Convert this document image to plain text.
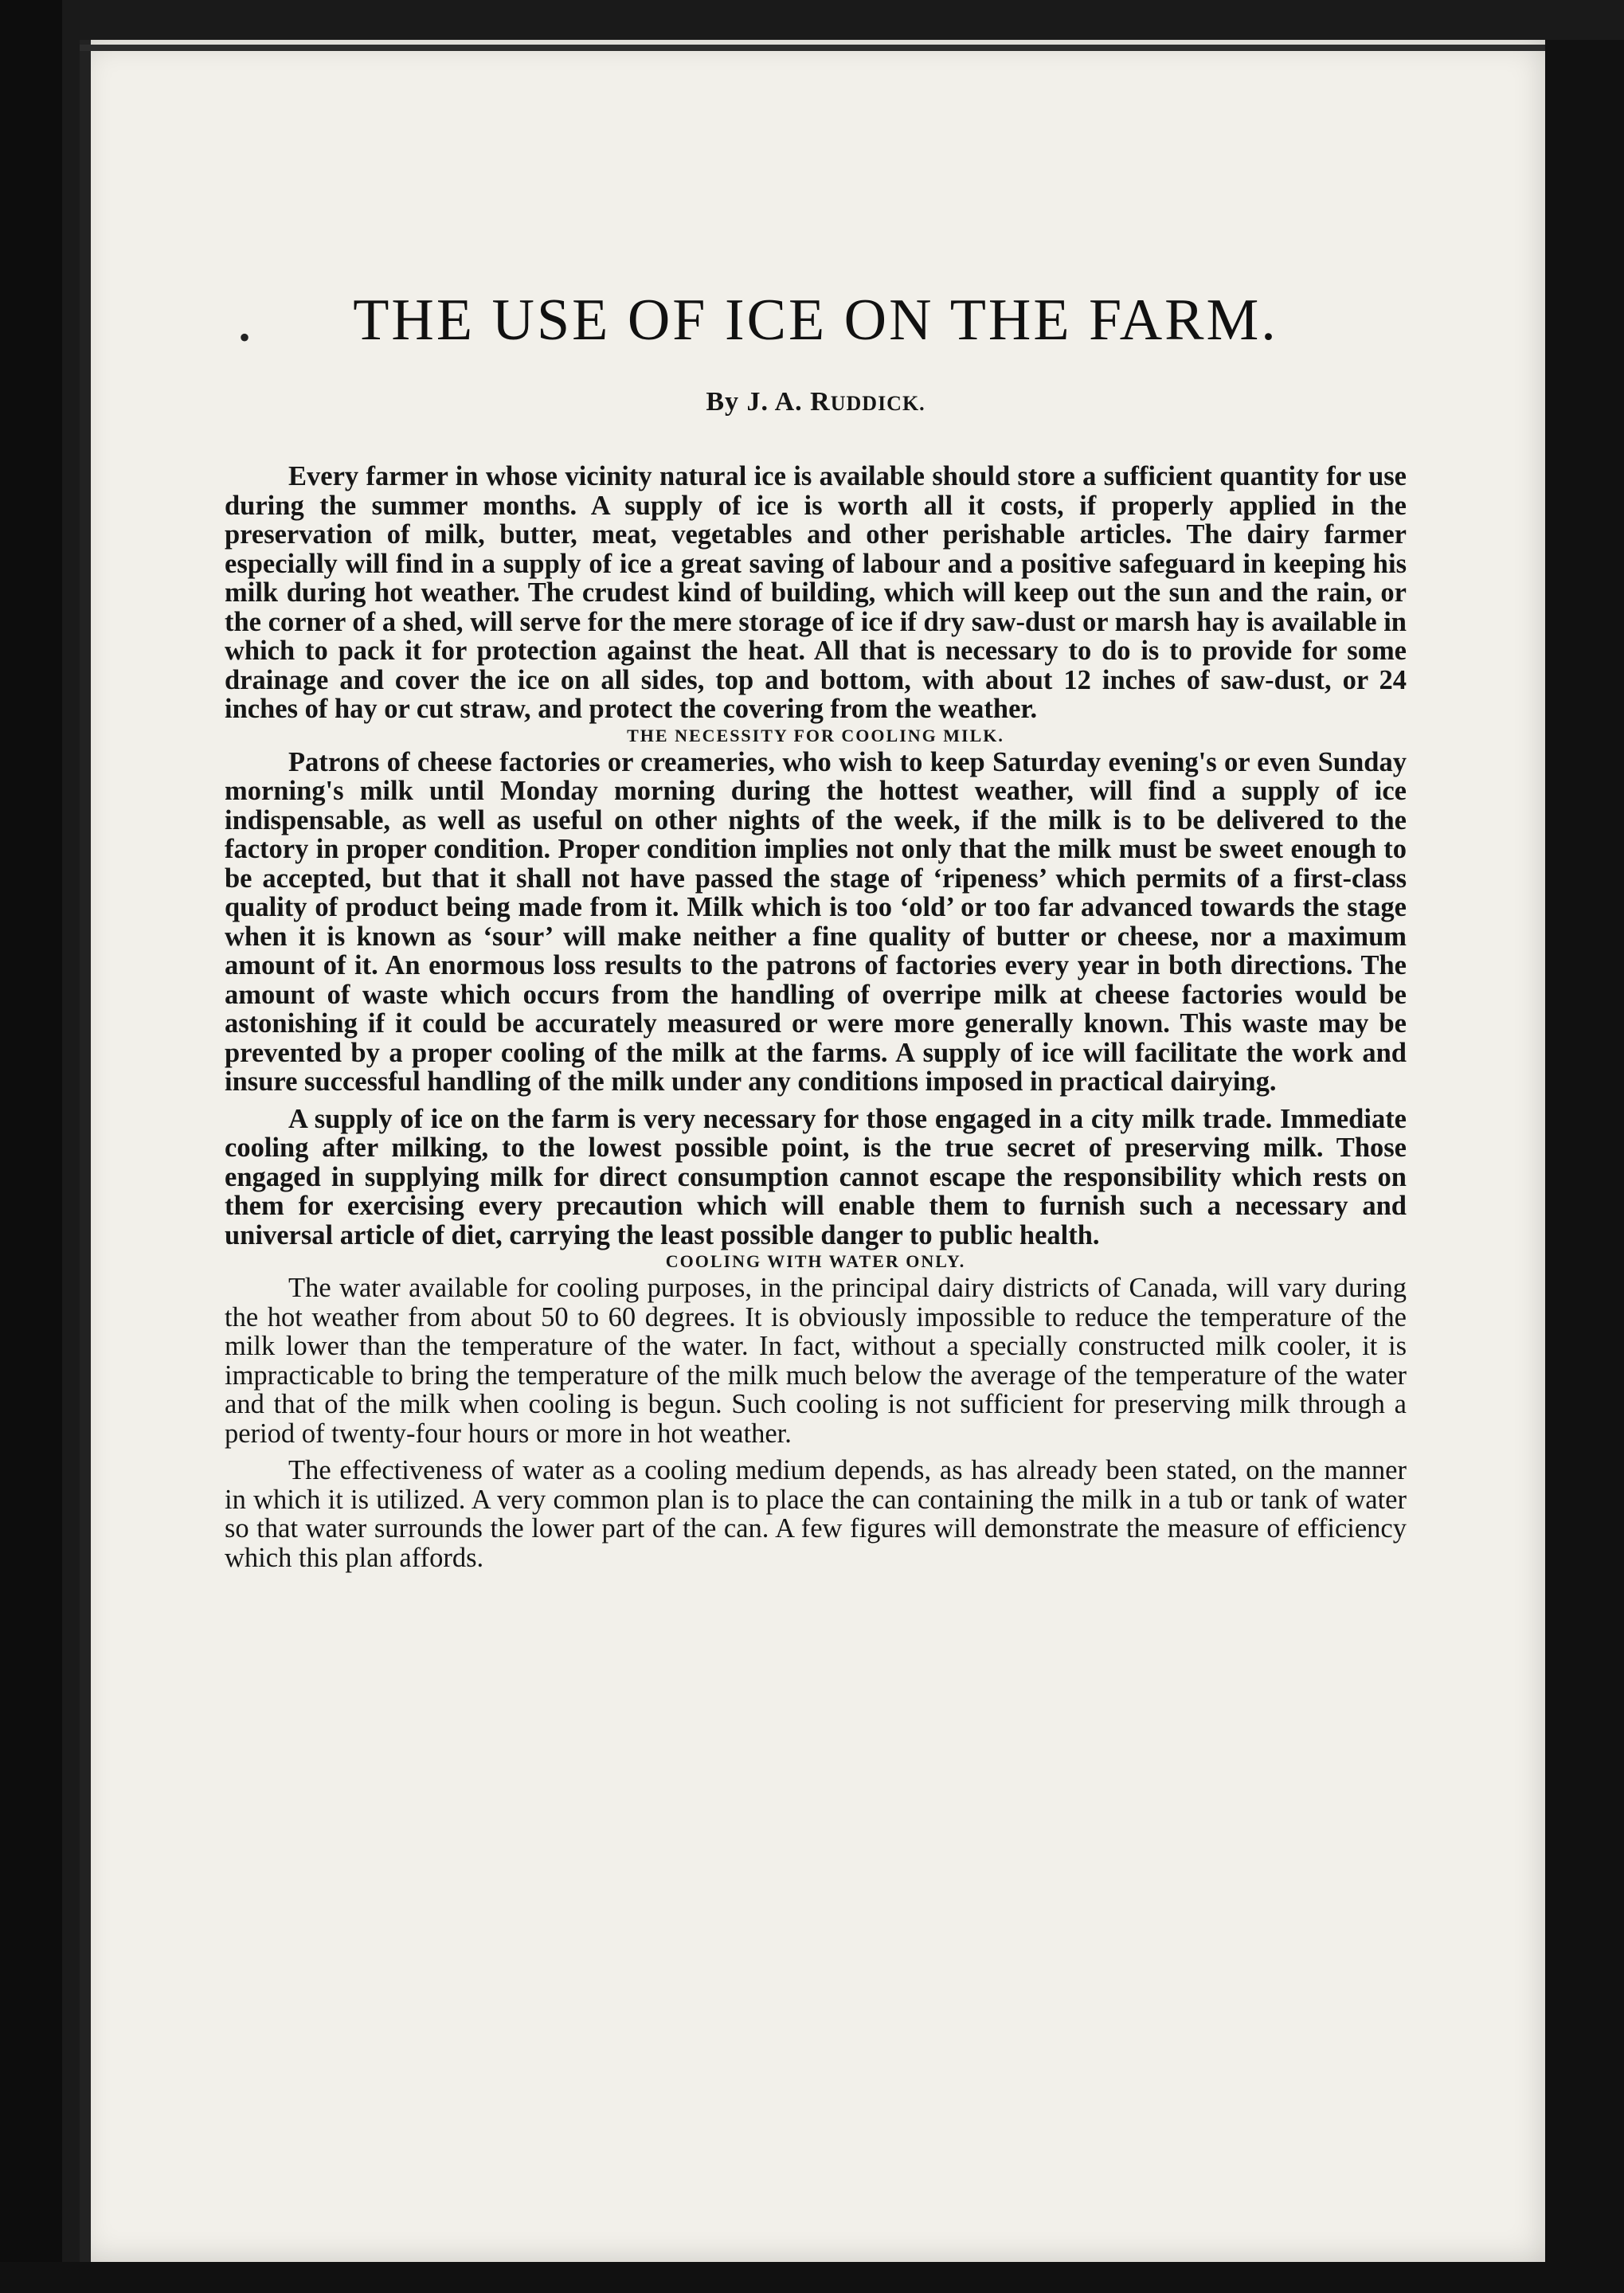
•	THE USE OF ICE ON THE FARM.
By J. A. RUDDICK.

Every farmer in whose vicinity natural ice is available should store a sufficient quantity for use during the summer months. A supply of ice is worth all it costs, if properly applied in the preservation of milk, butter, meat, vegetables and other perishable articles. The dairy farmer especially will find in a supply of ice a great saving of labour and a positive safeguard in keeping his milk during hot weather. The crudest kind of building, which will keep out the sun and the rain, or the corner of a shed, will serve for the mere storage of ice if dry saw-dust or marsh hay is available in which to pack it for protection against the heat. All that is necessary to do is to provide for some drainage and cover the ice on all sides, top and bottom, with about 12 inches of saw-dust, or 24 inches of hay or cut straw, and protect the covering from the weather.

THE NECESSITY FOR COOLING MILK.

Patrons of cheese factories or creameries, who wish to keep Saturday evening's or even Sunday morning's milk until Monday morning during the hottest weather, will find a supply of ice indispensable, as well as useful on other nights of the week, if the milk is to be delivered to the factory in proper condition. Proper condition implies not only that the milk must be sweet enough to be accepted, but that it shall not have passed the stage of ‘ripeness’ which permits of a first-class quality of product being made from it. Milk which is too ‘old’ or too far advanced towards the stage when it is known as ‘sour’ will make neither a fine quality of butter or cheese, nor a maximum amount of it. An enormous loss results to the patrons of factories every year in both directions. The amount of waste which occurs from the handling of overripe milk at cheese factories would be astonishing if it could be accurately measured or were more generally known. This waste may be prevented by a proper cooling of the milk at the farms. A supply of ice will facilitate the work and insure successful handling of the milk under any conditions imposed in practical dairying.

A supply of ice on the farm is very necessary for those engaged in a city milk trade. Immediate cooling after milking, to the lowest possible point, is the true secret of preserving milk. Those engaged in supplying milk for direct consumption cannot escape the responsibility which rests on them for exercising every precaution which will enable them to furnish such a necessary and universal article of diet, carrying the least possible danger to public health.

COOLING WITH WATER ONLY.

The water available for cooling purposes, in the principal dairy districts of Canada, will vary during the hot weather from about 50 to 60 degrees. It is obviously impossible to reduce the temperature of the milk lower than the temperature of the water. In fact, without a specially constructed milk cooler, it is impracticable to bring the temperature of the milk much below the average of the temperature of the water and that of the milk when cooling is begun. Such cooling is not sufficient for preserving milk through a period of twenty-four hours or more in hot weather.

The effectiveness of water as a cooling medium depends, as has already been stated, on the manner in which it is utilized. A very common plan is to place the can containing the milk in a tub or tank of water so that water surrounds the lower part of the can. A few figures will demonstrate the measure of efficiency which this plan affords.
